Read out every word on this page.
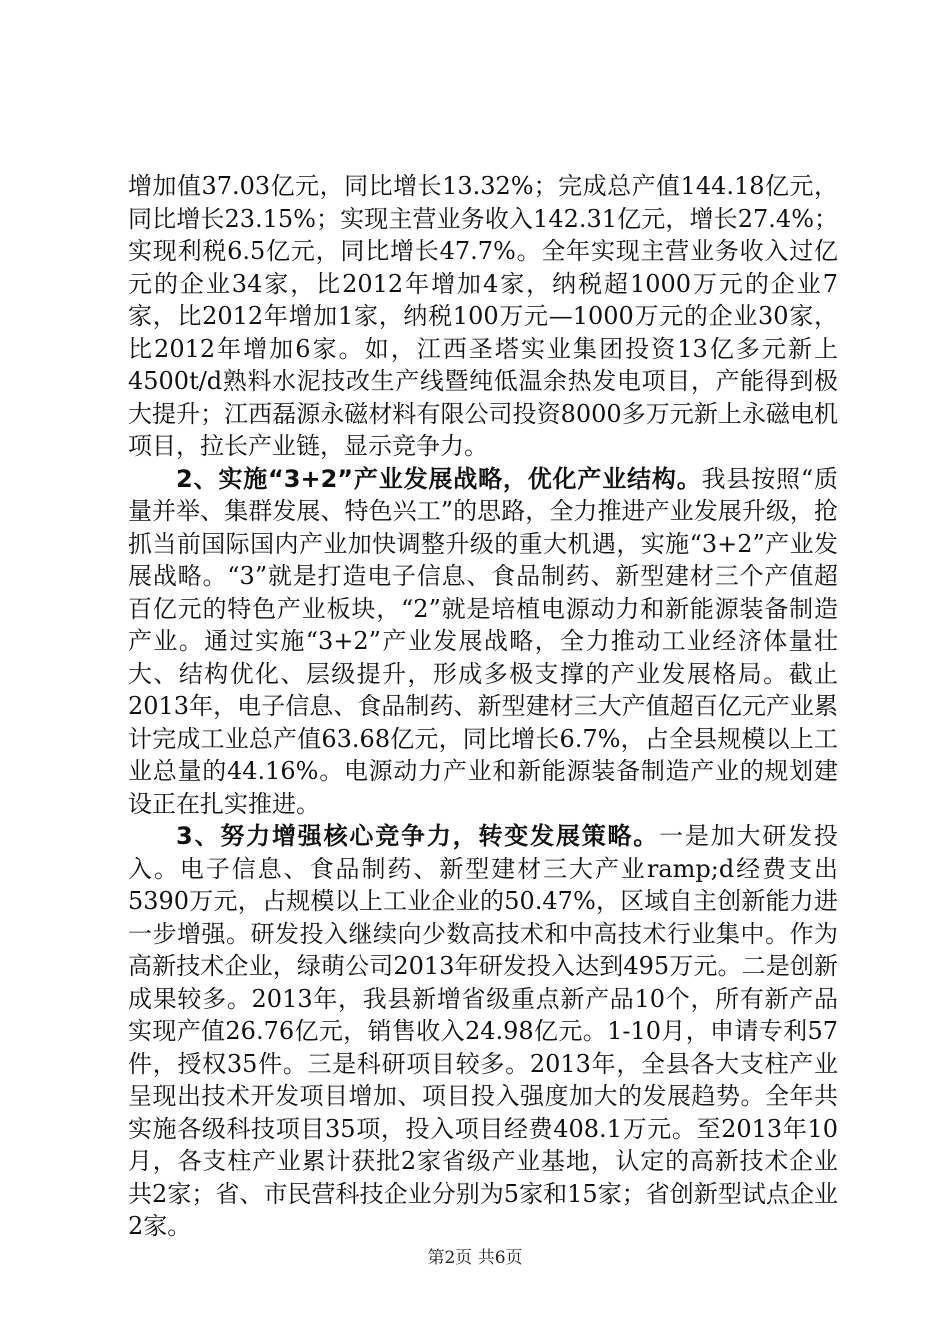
增加值37.03亿元，同比增长13.32%；完成总产值144.18亿元，同比增长23.15%；实现主营业务收入142.31亿元，增长27.4%；实现利税6.5亿元，同比增长47.7%。全年实现主营业务收入过亿元的企业34家，比2012年增加4家，纳税超1000万元的企业7家，比2012年增加1家，纳税100万元—1000万元的企业30家，比2012年增加6家。如，江西圣塔实业集团投资13亿多元新上4500t/d熟料水泥技改生产线暨纯低温余热发电项目，产能得到极大提升；江西磊源永磁材料有限公司投资8000多万元新上永磁电机项目，拉长产业链，显示竞争力。

2、实施“3+2”产业发展战略，优化产业结构。我县按照“质量并举、集群发展、特色兴工”的思路，全力推进产业发展升级，抢抓当前国际国内产业加快调整升级的重大机遇，实施“3+2”产业发展战略。“3”就是打造电子信息、食品制药、新型建材三个产值超百亿元的特色产业板块，“2”就是培植电源动力和新能源装备制造产业。通过实施“3+2”产业发展战略，全力推动工业经济体量壮大、结构优化、层级提升，形成多极支撑的产业发展格局。截止2013年，电子信息、食品制药、新型建材三大产值超百亿元产业累计完成工业总产值63.68亿元，同比增长6.7%，占全县规模以上工业总量的44.16%。电源动力产业和新能源装备制造产业的规划建设正在扎实推进。

3、努力增强核心竞争力，转变发展策略。一是加大研发投入。电子信息、食品制药、新型建材三大产业ramp;d经费支出5390万元，占规模以上工业企业的50.47%，区域自主创新能力进一步增强。研发投入继续向少数高技术和中高技术行业集中。作为高新技术企业，绿萌公司2013年研发投入达到495万元。二是创新成果较多。2013年，我县新增省级重点新产品10个，所有新产品实现产值26.76亿元，销售收入24.98亿元。1-10月，申请专利57件，授权35件。三是科研项目较多。2013年，全县各大支柱产业呈现出技术开发项目增加、项目投入强度加大的发展趋势。全年共实施各级科技项目35项，投入项目经费408.1万元。至2013年10月，各支柱产业累计获批2家省级产业基地，认定的高新技术企业共2家；省、市民营科技企业分别为5家和15家；省创新型试点企业2家。

第2页 共6页
